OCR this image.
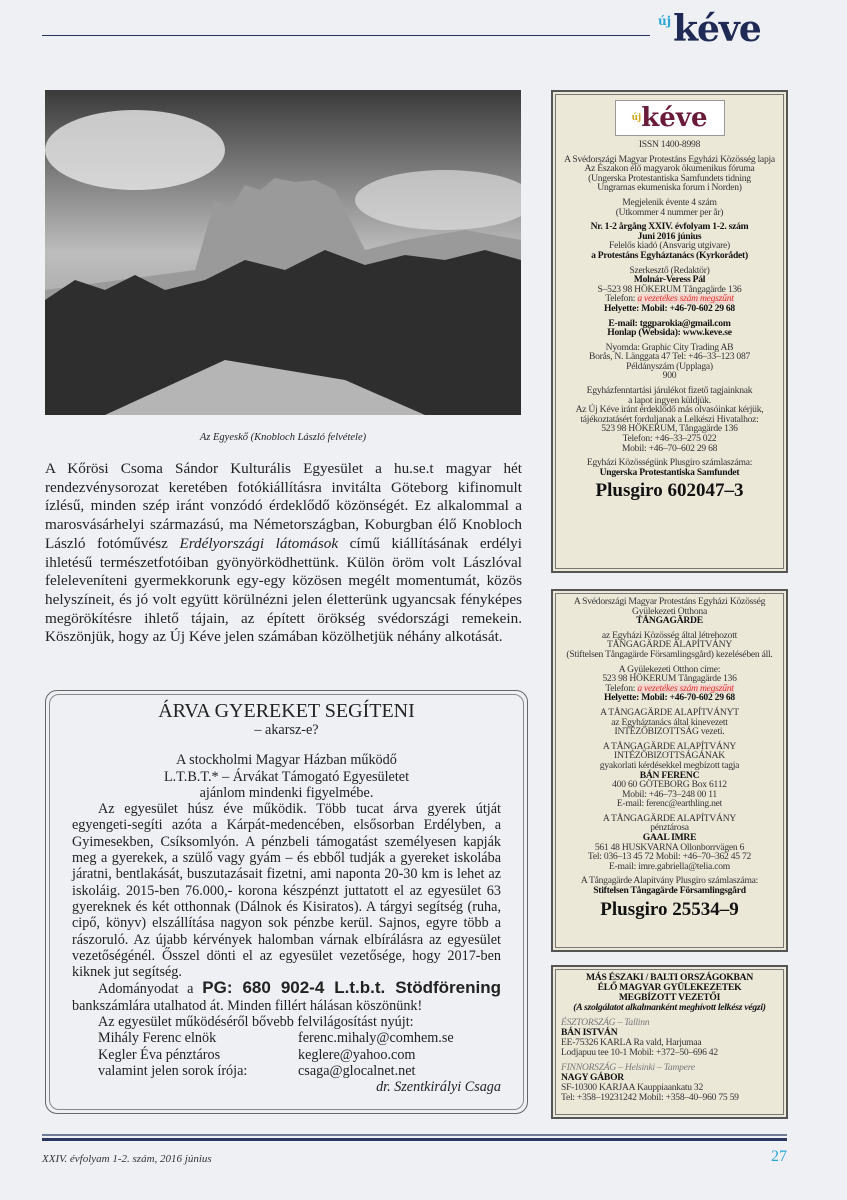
$^{új}$kéve
Az Egyeskő (Knobloch László felvétele)
A Kőrösi Csoma Sándor Kulturális Egyesület a hu.se.t magyar hét rendezvénysorozat keretében fotókiállításra invitálta Göteborg kifinomult ízlésű, minden szép iránt vonzódó érdeklődő közönségét. Ez alkalommal a marosvásárhelyi származású, ma Németországban, Koburgban élő Knobloch László fotóművész Erdélyországi látomások című kiállításának erdélyi ihletésű természetfotóiban gyönyörködhettünk. Külön öröm volt Lászlóval feleleveníteni gyermekkorunk egy-egy közösen megélt momentumát, közös helyszíneit, és jó volt együtt körülnézni jelen életterünk ugyancsak fényképes megörökítésre ihlető tájain, az épített örökség svédországi remekein. Köszönjük, hogy az Új Kéve jelen számában közölhetjük néhány alkotását.
ÁRVA GYEREKET SEGÍTENI
– akarsz-e?
A stockholmi Magyar Házban működő
L.T.B.T.* – Árvákat Támogató Egyesületet
ajánlom mindenki figyelmébe.

Az egyesület húsz éve működik. Több tucat árva gyerek útját egyengeti-segíti azóta a Kárpát-medencében, elsősorban Erdélyben, a Gyimesekben, Csíksomlyón. A pénzbeli támogatást személyesen kapják meg a gyerekek, a szülő vagy gyám – és ebből tudják a gyereket iskolába járatni, bentlakását, buszutazásait fizetni, ami naponta 20-30 km is lehet az iskoláig. 2015-ben 76.000,- korona készpénzt juttatott el az egyesület 63 gyereknek és két otthonnak (Dálnok és Kisiratos). A tárgyi segítség (ruha, cipő, könyv) elszállítása nagyon sok pénzbe kerül. Sajnos, egyre több a rászoruló. Az újabb kérvények halomban várnak elbírálásra az egyesület vezetőségénél. Ősszel dönti el az egyesület vezetősége, hogy 2017-ben kiknek jut segítség.

Adományodat a PG: 680 902-4 L.t.b.t. Stödförening bankszámlára utalhatod át. Minden fillért hálásan köszönünk!

Az egyesület működéséről bővebb felvilágosítást nyújt:

Mihály Ferenc elnök	ferenc.mihaly@comhem.se
Kegler Éva pénztáros	keglere@yahoo.com
valamint jelen sorok írója:	csaga@glocalnet.net
dr. Szentkirályi Csaga
$^{új}$kéve
ISSN 1400-8998
A Svédországi Magyar Protestáns Egyházi Közösség lapja
Az Északon élő magyarok ökumenikus fóruma
(Ungerska Protestantiska Samfundets tidning
Ungrarnas ekumeniska forum i Norden)
Megjelenik évente 4 szám
(Utkommer 4 nummer per år)
Nr. 1-2 årgång XXIV. évfolyam 1-2. szám
Juni 2016 június
Felelős kiadó (Ansvarig utgivare)
a Protestáns Egyháztanács (Kyrkorådet)
Szerkesztő (Redaktör)
Molnár-Veress Pál
S–523 98 HÖKERUM Tångagärde 136
Telefon: a vezetékes szám megszűnt
Helyette: Mobil: +46-70-602 29 68
E-mail: tggparokia@gmail.com
Honlap (Websida): www.keve.se
Nyomda: Graphic City Trading AB
Borås, N. Länggata 47 Tel: +46–33–123 087
Példányszám (Upplaga)
900
Egyházfenntartási járulékot fizető tagjainknak
a lapot ingyen küldjük.
Az Új Kéve iránt érdeklődő más olvasóinkat kérjük,
tájékoztatásért forduljanak a Lelkészi Hivatalhoz:
523 98 HÖKERUM, Tångagärde 136
Telefon: +46–33–275 022
Mobil: +46–70–602 29 68
Egyházi Közösségünk Plusgiro számlaszáma:
Ungerska Protestantiska Samfundet
Plusgiro 602047–3
A Svédországi Magyar Protestáns Egyházi Közösség
Gyülekezeti Otthona
TÅNGAGÄRDE
az Egyházi Közösség által létrehozott
TÅNGAGÄRDE ALAPÍTVÁNY
(Stiftelsen Tångagärde Församlingsgård) kezelésében áll.
A Gyülekezeti Otthon címe:
523 98 HÖKERUM Tångagärde 136
Telefon: a vezetékes szám megszűnt
Helyette: Mobil: +46-70-602 29 68
A TÅNGAGÄRDE ALAPÍTVÁNYT
az Egyháztanács által kinevezett
INTÉZŐBIZOTTSÁG vezeti.
A TÅNGAGÄRDE ALAPÍTVÁNY
INTÉZŐBIZOTTSÁGÁNAK
gyakorlati kérdésekkel megbízott tagja
BÁN FERENC
400 60 GÖTEBORG Box 6112
Mobil: +46–73–248 00 11
E-mail: ferenc@earthling.net
A TÅNGAGÄRDE ALAPÍTVÁNY
pénztárosa
GAAL IMRE
561 48 HUSKVARNA Ollonborrvägen 6
Tel: 036–13 45 72 Mobil: +46–70–362 45 72
E-mail: imre.gabriella@telia.com
A Tångagärde Alapítvány Plusgiro számlaszáma:
Stiftelsen Tångagärde Församlingsgård
Plusgiro 25534–9
MÁS ÉSZAKI / BALTI ORSZÁGOKBAN
ÉLŐ MAGYAR GYÜLEKEZETEK
MEGBÍZOTT VEZETŐI
(A szolgálatot alkalmanként meghívott lelkész végzi)
ÉSZTORSZÁG – Tallinn
BÁN ISTVÁN
EE-75326 KARLA Ra vald, Harjumaa
Lodjapuu tee 10-1 Mobil: +372–50–696 42
FINNORSZÁG – Helsinki – Tampere
NAGY GÁBOR
SF-10300 KARJAA Kauppiaankatu 32
Tel: +358–19231242 Mobil: +358–40–960 75 59
XXIV. évfolyam 1-2. szám, 2016 június	27
